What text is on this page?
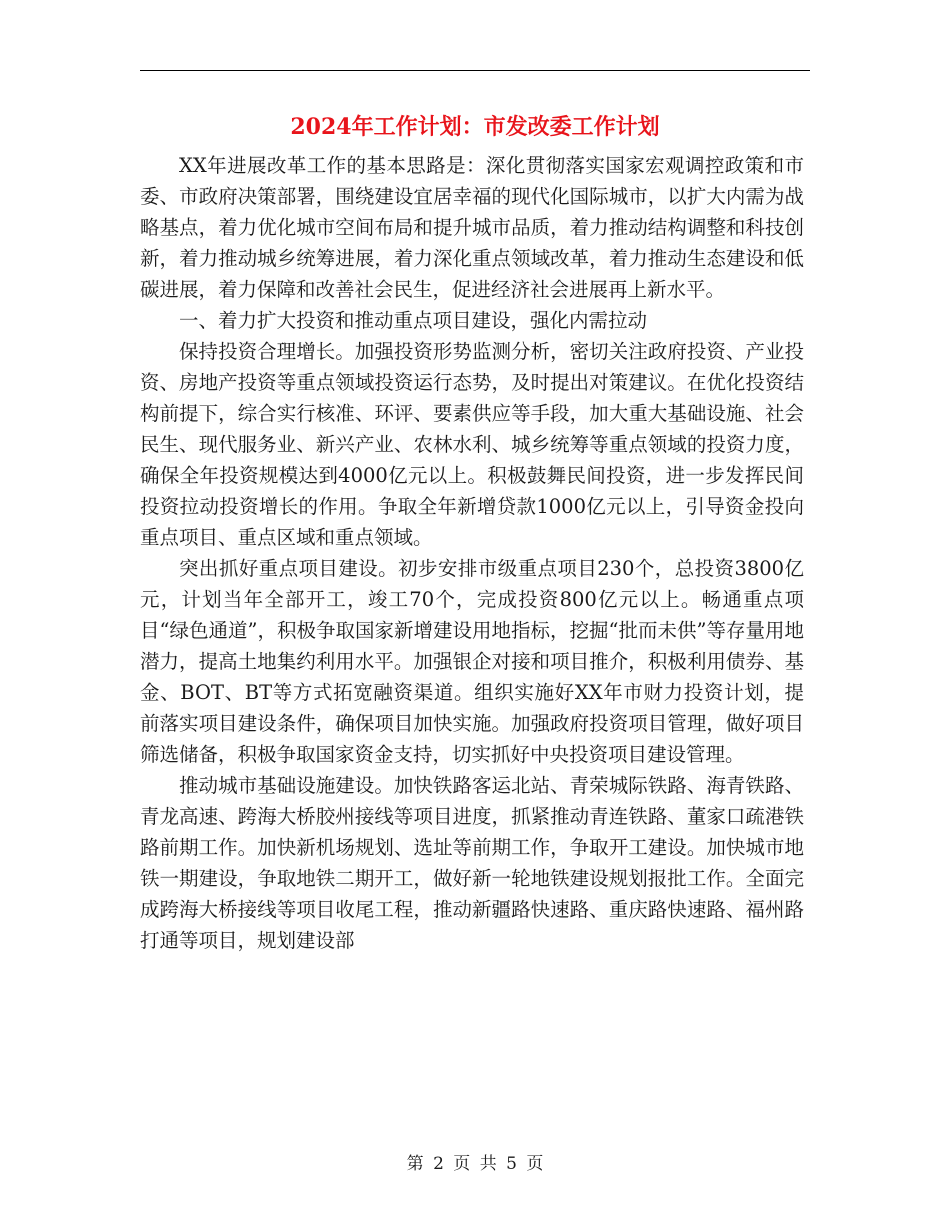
2024年工作计划：市发改委工作计划

XX年进展改革工作的基本思路是：深化贯彻落实国家宏观调控政策和市委、市政府决策部署，围绕建设宜居幸福的现代化国际城市，以扩大内需为战略基点，着力优化城市空间布局和提升城市品质，着力推动结构调整和科技创新，着力推动城乡统筹进展，着力深化重点领域改革，着力推动生态建设和低碳进展，着力保障和改善社会民生，促进经济社会进展再上新水平。

一、着力扩大投资和推动重点项目建设，强化内需拉动

保持投资合理增长。加强投资形势监测分析，密切关注政府投资、产业投资、房地产投资等重点领域投资运行态势，及时提出对策建议。在优化投资结构前提下，综合实行核准、环评、要素供应等手段，加大重大基础设施、社会民生、现代服务业、新兴产业、农林水利、城乡统筹等重点领域的投资力度，确保全年投资规模达到4000亿元以上。积极鼓舞民间投资，进一步发挥民间投资拉动投资增长的作用。争取全年新增贷款1000亿元以上，引导资金投向重点项目、重点区域和重点领域。

突出抓好重点项目建设。初步安排市级重点项目230个，总投资3800亿元，计划当年全部开工，竣工70个，完成投资800亿元以上。畅通重点项目“绿色通道”，积极争取国家新增建设用地指标，挖掘“批而未供”等存量用地潜力，提高土地集约利用水平。加强银企对接和项目推介，积极利用债券、基金、BOT、BT等方式拓宽融资渠道。组织实施好XX年市财力投资计划，提前落实项目建设条件，确保项目加快实施。加强政府投资项目管理，做好项目筛选储备，积极争取国家资金支持，切实抓好中央投资项目建设管理。

推动城市基础设施建设。加快铁路客运北站、青荣城际铁路、海青铁路、青龙高速、跨海大桥胶州接线等项目进度，抓紧推动青连铁路、董家口疏港铁路前期工作。加快新机场规划、选址等前期工作，争取开工建设。加快城市地铁一期建设，争取地铁二期开工，做好新一轮地铁建设规划报批工作。全面完成跨海大桥接线等项目收尾工程，推动新疆路快速路、重庆路快速路、福州路打通等项目，规划建设部

第 2 页 共 5 页
